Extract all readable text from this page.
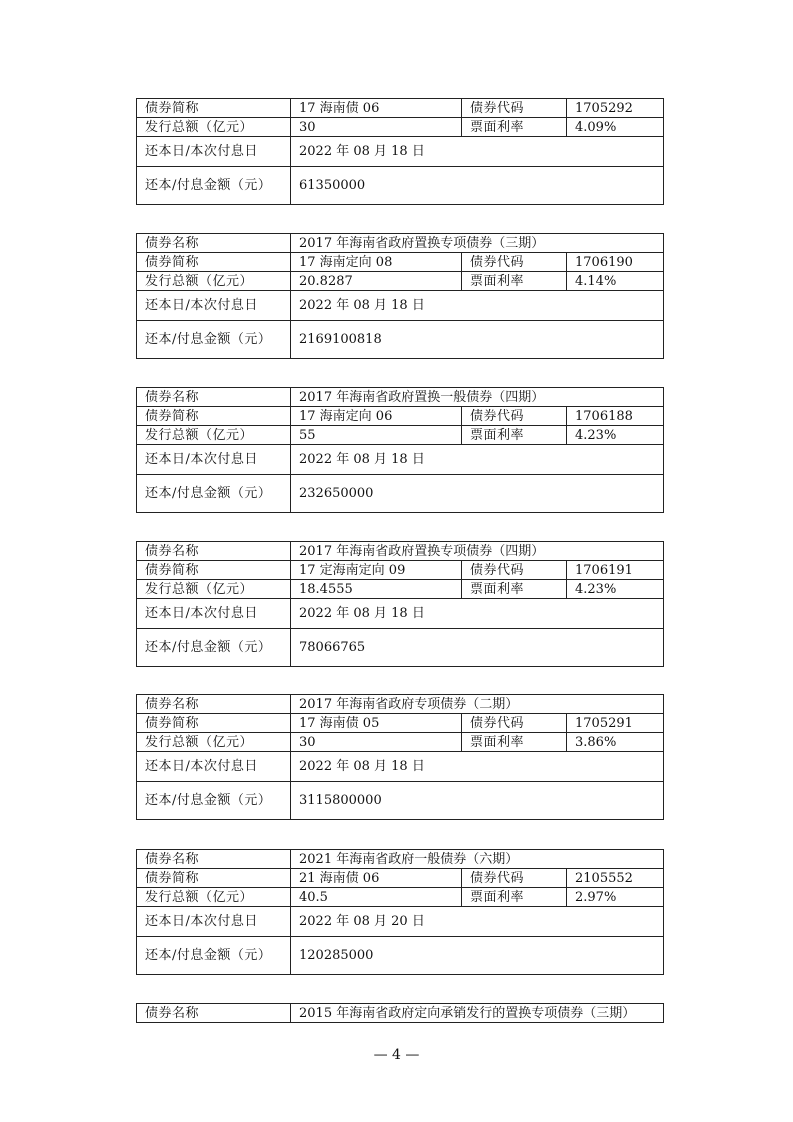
债券简称	17 海南债 06	债券代码	1705292
发行总额（亿元）	30	票面利率	4.09%
还本日/本次付息日	2022 年 08 月 18 日		
还本/付息金额（元）	61350000		
债券名称	2017 年海南省政府置换专项债券（三期）		
债券简称	17 海南定向 08	债券代码	1706190
发行总额（亿元）	20.8287	票面利率	4.14%
还本日/本次付息日	2022 年 08 月 18 日		
还本/付息金额（元）	2169100818		
债券名称	2017 年海南省政府置换一般债券（四期）		
债券简称	17 海南定向 06	债券代码	1706188
发行总额（亿元）	55	票面利率	4.23%
还本日/本次付息日	2022 年 08 月 18 日		
还本/付息金额（元）	232650000		
债券名称	2017 年海南省政府置换专项债券（四期）		
债券简称	17 定海南定向 09	债券代码	1706191
发行总额（亿元）	18.4555	票面利率	4.23%
还本日/本次付息日	2022 年 08 月 18 日		
还本/付息金额（元）	78066765		
债券名称	2017 年海南省政府专项债券（二期）		
债券简称	17 海南债 05	债券代码	1705291
发行总额（亿元）	30	票面利率	3.86%
还本日/本次付息日	2022 年 08 月 18 日		
还本/付息金额（元）	3115800000		
债券名称	2021 年海南省政府一般债券（六期）		
债券简称	21 海南债 06	债券代码	2105552
发行总额（亿元）	40.5	票面利率	2.97%
还本日/本次付息日	2022 年 08 月 20 日		
还本/付息金额（元）	120285000		
债券名称	2015 年海南省政府定向承销发行的置换专项债券（三期）
— 4 —
